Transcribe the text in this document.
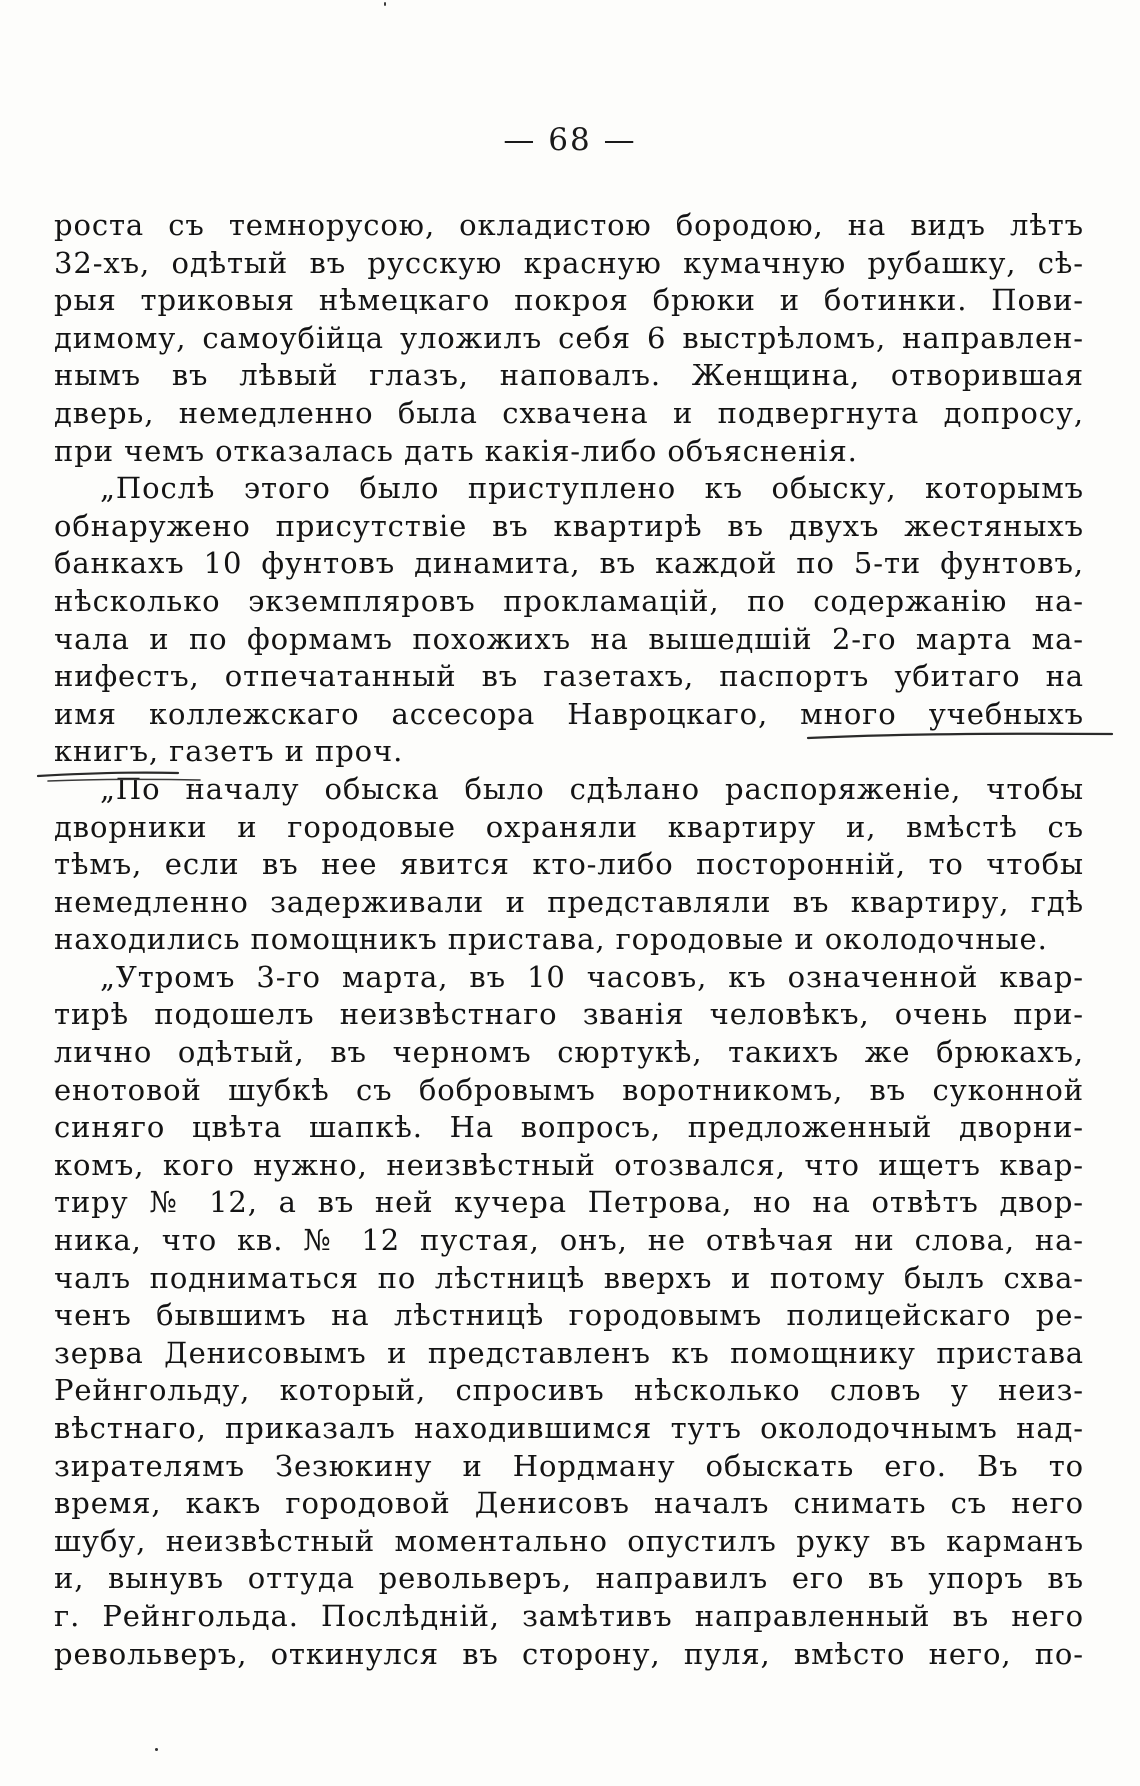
— 68 —
роста съ темнорусою, окладистою бородою, на видъ лѣтъ
32-хъ, одѣтый въ русскую красную кумачную рубашку, сѣ-
рыя триковыя нѣмецкаго покроя брюки и ботинки. Пови-
димому, самоубійца уложилъ себя 6 выстрѣломъ, направлен-
нымъ въ лѣвый глазъ, наповалъ. Женщина, отворившая
дверь, немедленно была схвачена и подвергнута допросу,
при чемъ отказалась дать какія-либо объясненія.
„Послѣ этого было приступлено къ обыску, которымъ
обнаружено присутствіе въ квартирѣ въ двухъ жестяныхъ
банкахъ 10 фунтовъ динамита, въ каждой по 5-ти фунтовъ,
нѣсколько экземпляровъ прокламацій, по содержанію на-
чала и по формамъ похожихъ на вышедшій 2-го марта ма-
нифестъ, отпечатанный въ газетахъ, паспортъ убитаго на
имя коллежскаго ассесора Навроцкаго, много учебныхъ
книгъ, газетъ и проч.
„По началу обыска было сдѣлано распоряженіе, чтобы
дворники и городовые охраняли квартиру и, вмѣстѣ съ
тѣмъ, если въ нее явится кто-либо посторонній, то чтобы
немедленно задерживали и представляли въ квартиру, гдѣ
находились помощникъ пристава, городовые и околодочные.
„Утромъ 3-го марта, въ 10 часовъ, къ означенной квар-
тирѣ подошелъ неизвѣстнаго званія человѣкъ, очень при-
лично одѣтый, въ черномъ сюртукѣ, такихъ же брюкахъ,
енотовой шубкѣ съ бобровымъ воротникомъ, въ суконной
синяго цвѣта шапкѣ. На вопросъ, предложенный дворни-
комъ, кого нужно, неизвѣстный отозвался, что ищетъ квар-
тиру № 12, а въ ней кучера Петрова, но на отвѣтъ двор-
ника, что кв. № 12 пустая, онъ, не отвѣчая ни слова, на-
чалъ подниматься по лѣстницѣ вверхъ и потому былъ схва-
ченъ бывшимъ на лѣстницѣ городовымъ полицейскаго ре-
зерва Денисовымъ и представленъ къ помощнику пристава
Рейнгольду, который, спросивъ нѣсколько словъ у неиз-
вѣстнаго, приказалъ находившимся тутъ околодочнымъ над-
зирателямъ Зезюкину и Нордману обыскать его. Въ то
время, какъ городовой Денисовъ началъ снимать съ него
шубу, неизвѣстный моментально опустилъ руку въ карманъ
и, вынувъ оттуда револьверъ, направилъ его въ упоръ въ
г. Рейнгольда. Послѣдній, замѣтивъ направленный въ него
револьверъ, откинулся въ сторону, пуля, вмѣсто него, по-
